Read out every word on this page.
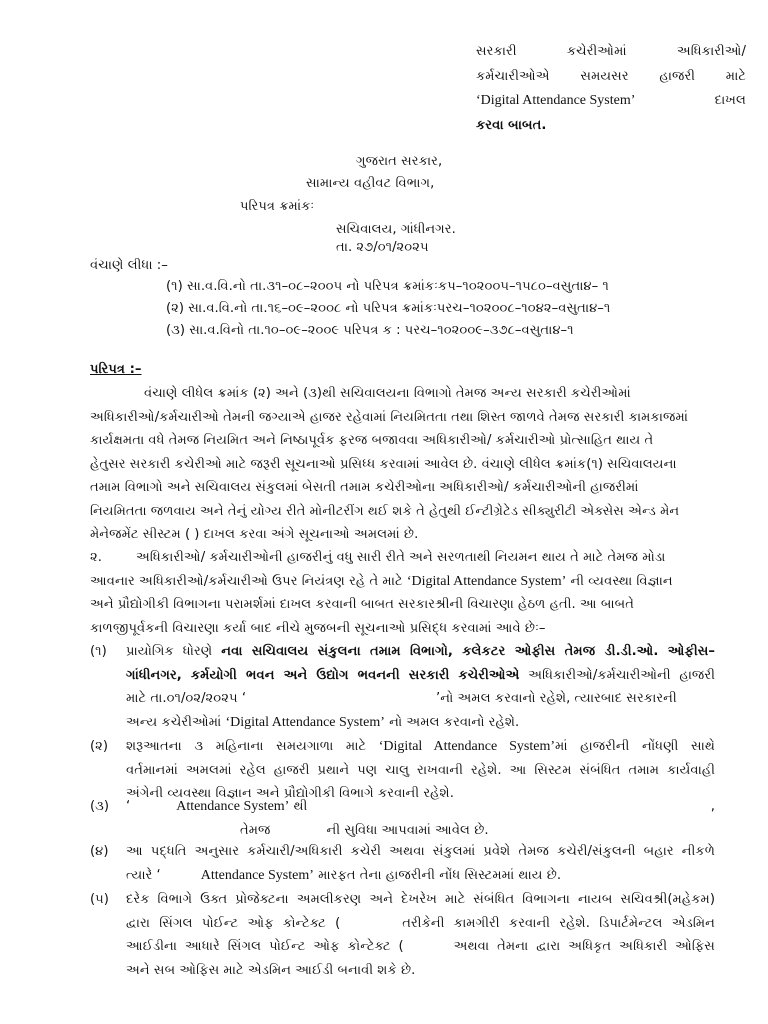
સરકારી	કચેરીઓમાં	અધિકારીઓ/
કર્મચારીઓએ સમયસર હાજરી માટે
‘Digital Attendance System’	દાખલ
કરવા બાબત.
ગુજરાત સરકાર,
સામાન્ય વહીવટ વિભાગ,
પરિપત્ર ક્રમાંકઃ
સચિવાલય, ગાંધીનગર.
તા. ૨૭/૦૧/૨૦૨૫
વંચાણે લીધા :–
(૧) સા.વ.વિ.નો તા.૩૧–૦૮–૨૦૦૫ નો પરિપત્ર ક્રમાંકઃકપ–૧૦૨૦૦૫–૧૫૮૦–વસુતા૪– ૧
(૨) સા.વ.વિ.નો તા.૧૬–૦૯–૨૦૦૮ નો પરિપત્ર ક્રમાંકઃપરચ–૧૦૨૦૦૮–૧૦૪૨–વસુતા૪–૧
(૩) સા.વ.વિનો તા.૧૦–૦૯–૨૦૦૯ પરિપત્ર ક : પરચ–૧૦૨૦૦૯–૩૭૮–વસુતા૪–૧
પરિપત્ર :–

વંચાણે લીધેલ ક્રમાંક (૨) અને (૩)થી સચિવાલયના વિભાગો તેમજ અન્ય સરકારી કચેરીઓમાં

અધિકારીઓ/કર્મચારીઓ તેમની જગ્યાએ હાજર રહેવામાં નિયમિતતા તથા શિસ્ત જાળવે તેમજ સરકારી કામકાજમાં

કાર્યક્ષમતા વધે તેમજ નિયમિત અને નિષ્ઠાપૂર્વક ફરજ બજાવવા અધિકારીઓ/ કર્મચારીઓ પ્રોત્સાહિત થાય તે

હેતુસર સરકારી કચેરીઓ માટે જરૂરી સૂચનાઓ પ્રસિધ્ધ કરવામાં આવેલ છે. વંચાણે લીધેલ ક્રમાંક(૧) સચિવાલયના

તમામ વિભાગો અને સચિવાલય સંકુલમાં બેસતી તમામ કચેરીઓના અધિકારીઓ/ કર્મચારીઓની હાજરીમાં

નિયમિતતા જળવાય અને તેનું યોગ્ય રીતે મોનીટરીંગ થઈ શકે તે હેતુથી ઈન્ટીગ્રેટેડ સીક્યુરીટી એક્સેસ એન્ડ મેન

મેનેજમેંટ સીસ્ટમ ( ) દાખલ કરવા અંગે સૂચનાઓ અમલમાં છે.

૨.	અધિકારીઓ/ કર્મચારીઓની હાજરીનું વધુ સારી રીતે અને સરળતાથી નિયમન થાય તે માટે તેમજ મોડા

આવનાર અધિકારીઓ/કર્મચારીઓ ઉપર નિયંત્રણ રહે તે માટે ‘Digital Attendance System’ ની વ્યવસ્થા વિજ્ઞાન

અને પ્રૌદ્યોગીકી વિભાગના પરામર્શમાં દાખલ કરવાની બાબત સરકારશ્રીની વિચારણા હેઠળ હતી. આ બાબતે

કાળજીપૂર્વકની વિચારણા કર્યા બાદ નીચે મુજબની સૂચનાઓ પ્રસિદ્ધ કરવામાં આવે છેઃ–

(૧)	પ્રાયોગિક ધોરણે નવા સચિવાલય સંકુલના તમામ વિભાગો, કલેકટર ઓફીસ તેમજ ડી.ડી.ઓ. ઓફીસ–
ગાંધીનગર, કર્મયોગી ભવન અને ઉદ્યોગ ભવનની સરકારી કચેરીઓએ અધિકારીઓ/કર્મચારીઓની હાજરી
માટે તા.૦૧/૦૨/૨૦૨૫ ‘	’નો અમલ કરવાનો રહેશે, ત્યારબાદ સરકારની
અન્ય કચેરીઓમાં ‘Digital Attendance System’ નો અમલ કરવાનો રહેશે.
(૨)	શરૂઆતના ૩ મહિનાના સમયગાળા માટે ‘Digital Attendance System’માં હાજરીની નોંધણી સાથે
વર્તમાનમાં અમલમાં રહેલ હાજરી પ્રથાને પણ ચાલુ રાખવાની રહેશે. આ સિસ્ટમ સંબંધિત તમામ કાર્યવાહી
અંગેની વ્યવસ્થા વિજ્ઞાન અને પ્રૌદ્યોગીકી વિભાગે કરવાની રહેશે.
(૩)	‘	Attendance System’ થી	,
તેમજ	ની સુવિધા આપવામાં આવેલ છે.
(૪)	આ પદ્ધતિ અનુસાર કર્મચારી/અધિકારી કચેરી અથવા સંકુલમાં પ્રવેશે તેમજ કચેરી/સંકુલની બહાર નીકળે
ત્યારે ‘	Attendance System’ મારફત તેના હાજરીની નોંધ સિસ્ટમમાં થાય છે.
(૫)	દરેક વિભાગે ઉક્ત પ્રોજેક્ટના અમલીકરણ અને દેખરેખ માટે સંબંધિત વિભાગના નાયબ સચિવશ્રી(મહેકમ)
દ્વારા સિંગલ પોઈન્ટ ઓફ કોન્ટેક્ટ (	તરીકેની કામગીરી કરવાની રહેશે. ડિપાર્ટમેન્ટલ એડમિન
આઈડીના આધારે સિંગલ પોઈન્ટ ઓફ કોન્ટેક્ટ (	અથવા તેમના દ્વારા અધિકૃત અધિકારી ઓફિસ
અને સબ ઓફિસ માટે એડમિન આઈડી બનાવી શકે છે.
